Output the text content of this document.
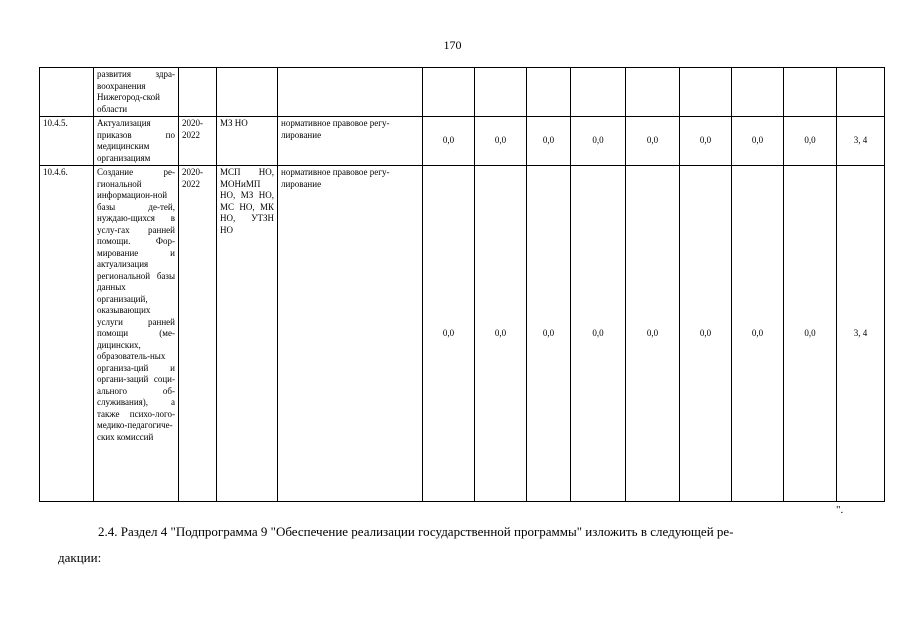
170
	развития здра-воохранения Нижегород-ской области												
10.4.5.	Актуализация приказов по медицинским организациям	2020-2022	МЗ НО	нормативное правовое регу-лирование	0,0	0,0	0,0	0,0	0,0	0,0	0,0	0,0	3, 4
10.4.6.	Создание ре-гиональной информацион-ной базы де-тей, нуждаю-щихся в услу-гах ранней помощи. Фор-мирование и актуализация региональной базы данных организаций, оказывающих услуги ранней помощи (ме-дицинских, образователь-ных организа-ций и органи-заций соци-ального об-служивания), а также психо-лого-медико-педагогиче-ских комиссий	2020-2022	МСП НО, МОНиМП НО, МЗ НО, МС НО, МК НО, УТЗН НО	нормативное правовое регу-лирование	0,0	0,0	0,0	0,0	0,0	0,0	0,0	0,0	3, 4
".
2.4. Раздел 4 "Подпрограмма 9 "Обеспечение реализации государственной программы" изложить в следующей ре-
дакции:
